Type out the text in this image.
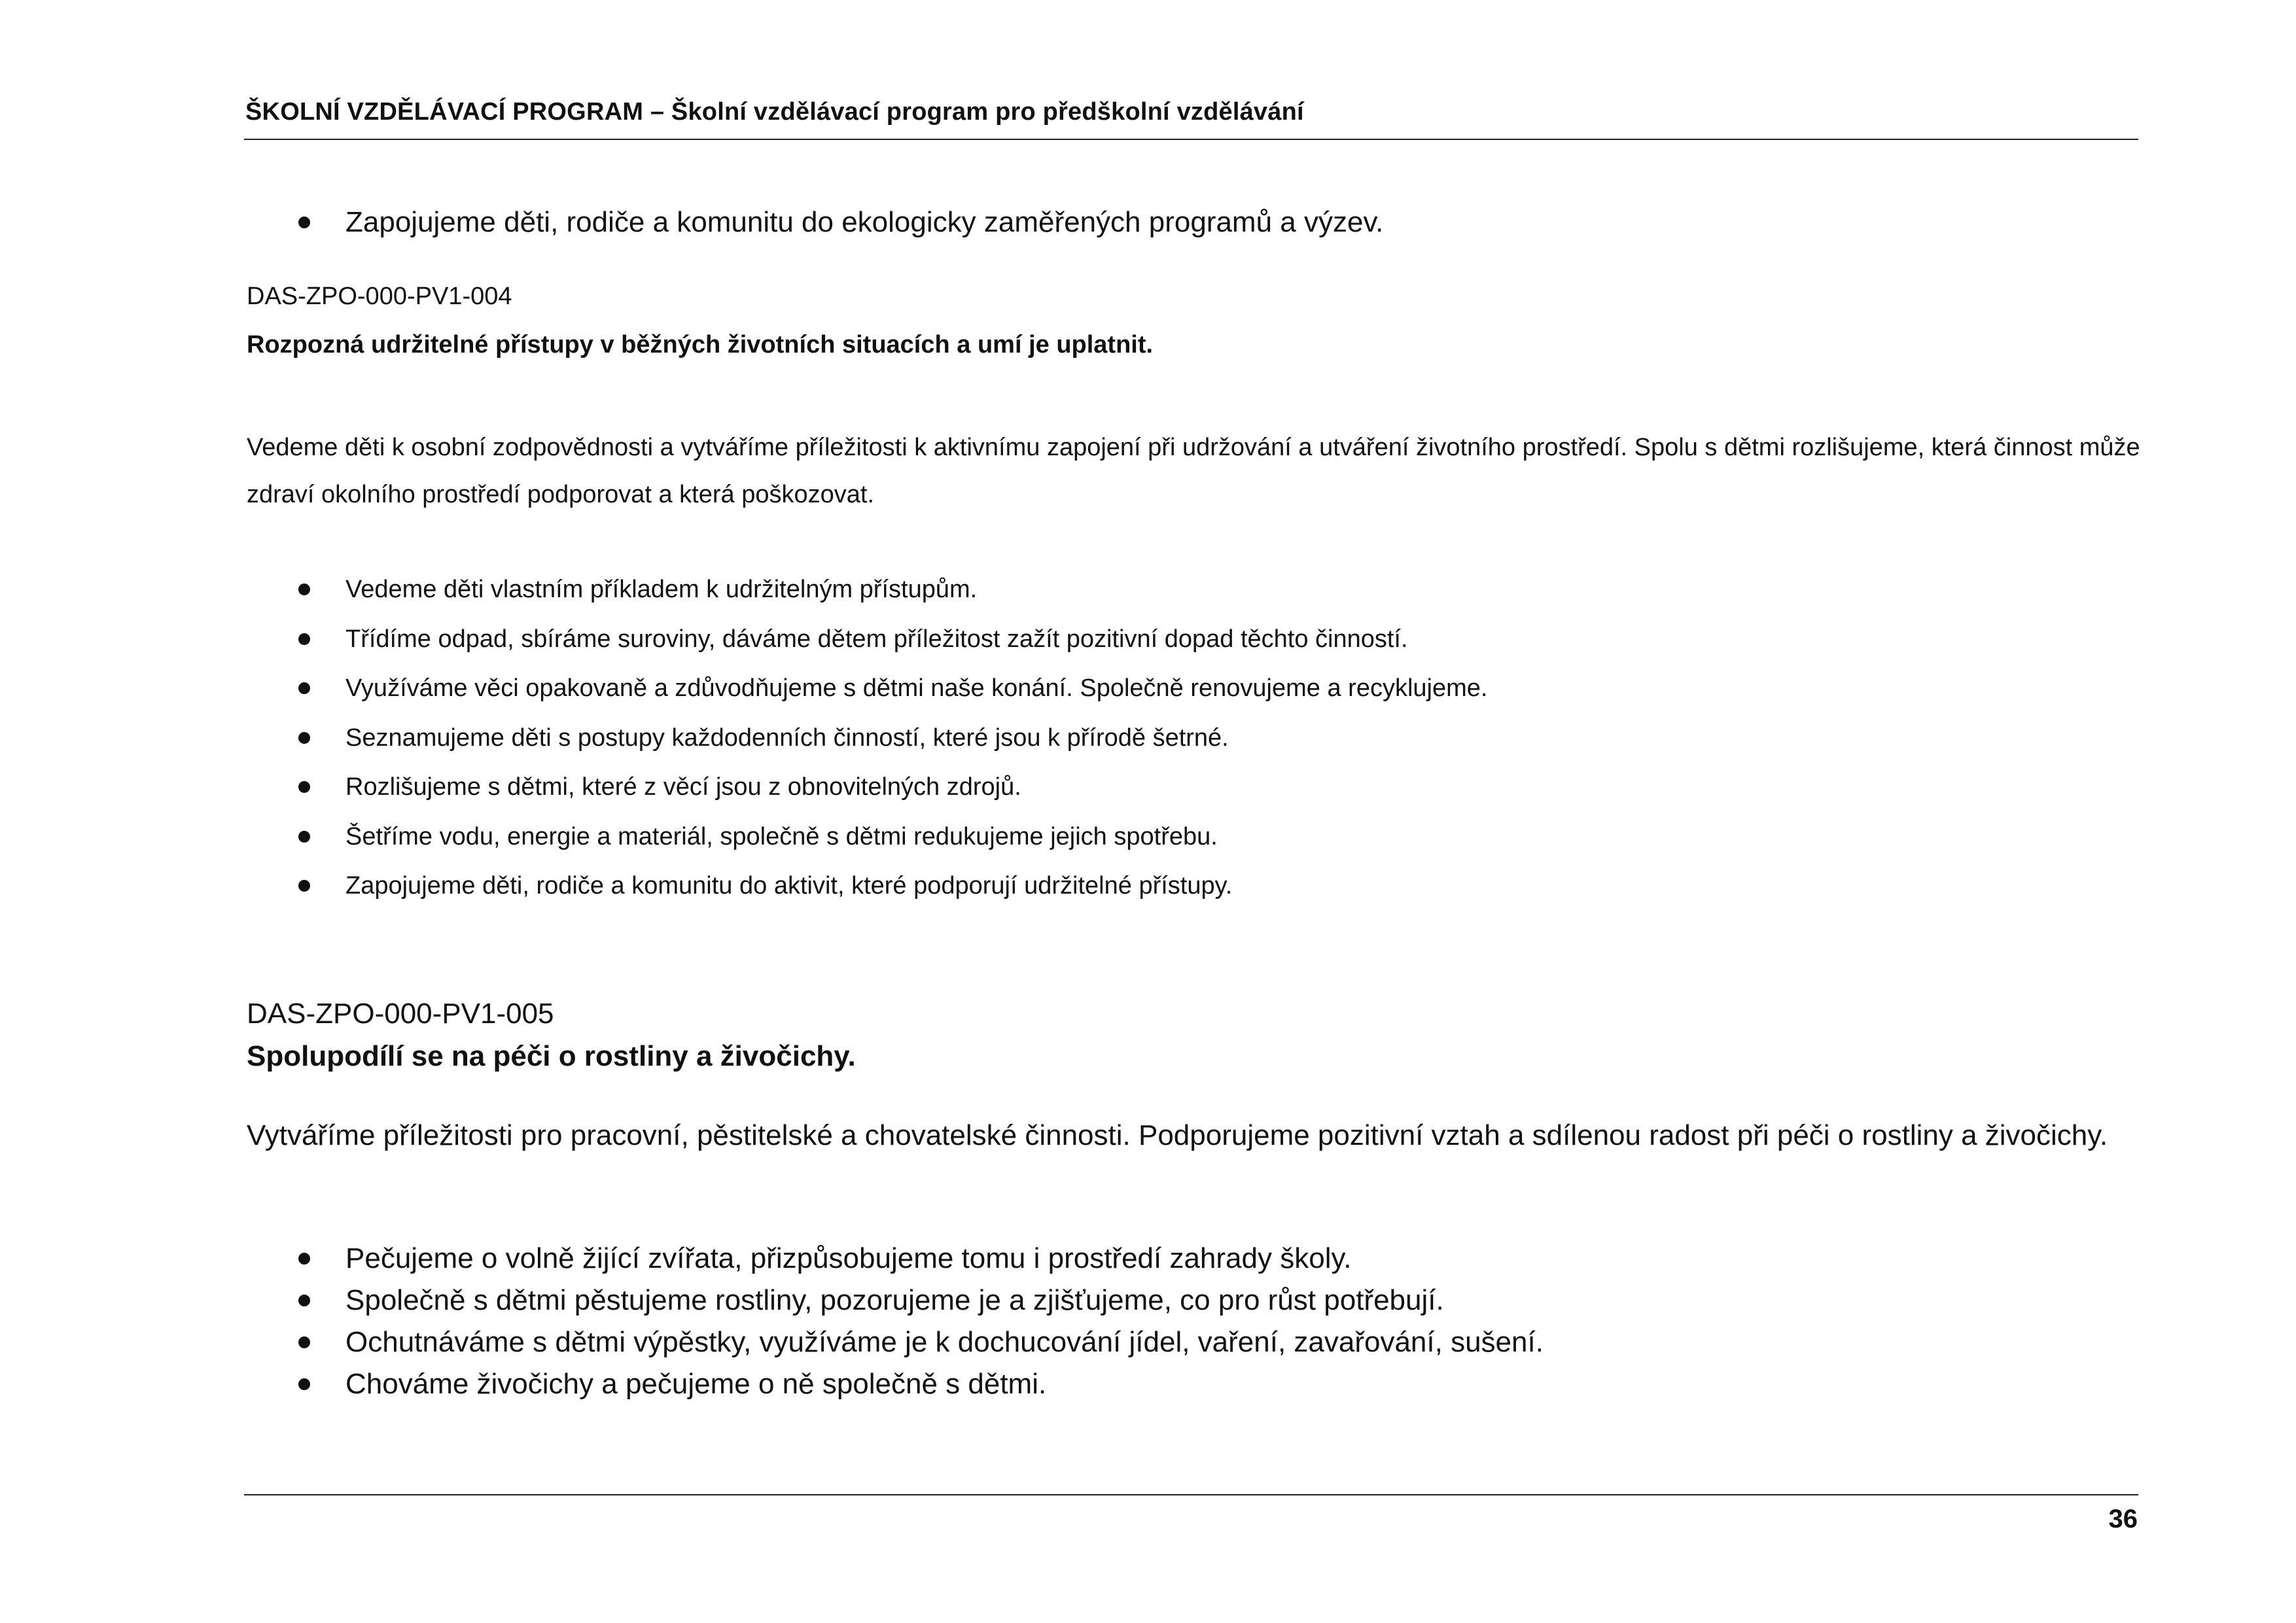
ŠKOLNÍ VZDĚLÁVACÍ PROGRAM – Školní vzdělávací program pro předškolní vzdělávání
Zapojujeme děti, rodiče a komunitu do ekologicky zaměřených programů a výzev.
DAS-ZPO-000-PV1-004
Rozpozná udržitelné přístupy v běžných životních situacích a umí je uplatnit.

Vedeme děti k osobní zodpovědnosti a vytváříme příležitosti k aktivnímu zapojení při udržování a utváření životního prostředí. Spolu s dětmi rozlišujeme, která činnost může zdraví okolního prostředí podporovat a která poškozovat.

Vedeme děti vlastním příkladem k udržitelným přístupům.
Třídíme odpad, sbíráme suroviny, dáváme dětem příležitost zažít pozitivní dopad těchto činností.
Využíváme věci opakovaně a zdůvodňujeme s dětmi naše konání. Společně renovujeme a recyklujeme.
Seznamujeme děti s postupy každodenních činností, které jsou k přírodě šetrné.
Rozlišujeme s dětmi, které z věcí jsou z obnovitelných zdrojů.
Šetříme vodu, energie a materiál, společně s dětmi redukujeme jejich spotřebu.
Zapojujeme děti, rodiče a komunitu do aktivit, které podporují udržitelné přístupy.
DAS-ZPO-000-PV1-005
Spolupodílí se na péči o rostliny a živočichy.

Vytváříme příležitosti pro pracovní, pěstitelské a chovatelské činnosti. Podporujeme pozitivní vztah a sdílenou radost při péči o rostliny a živočichy.

Pečujeme o volně žijící zvířata, přizpůsobujeme tomu i prostředí zahrady školy.
Společně s dětmi pěstujeme rostliny, pozorujeme je a zjišťujeme, co pro růst potřebují.
Ochutnáváme s dětmi výpěstky, využíváme je k dochucování jídel, vaření, zavařování, sušení.
Chováme živočichy a pečujeme o ně společně s dětmi.
36
